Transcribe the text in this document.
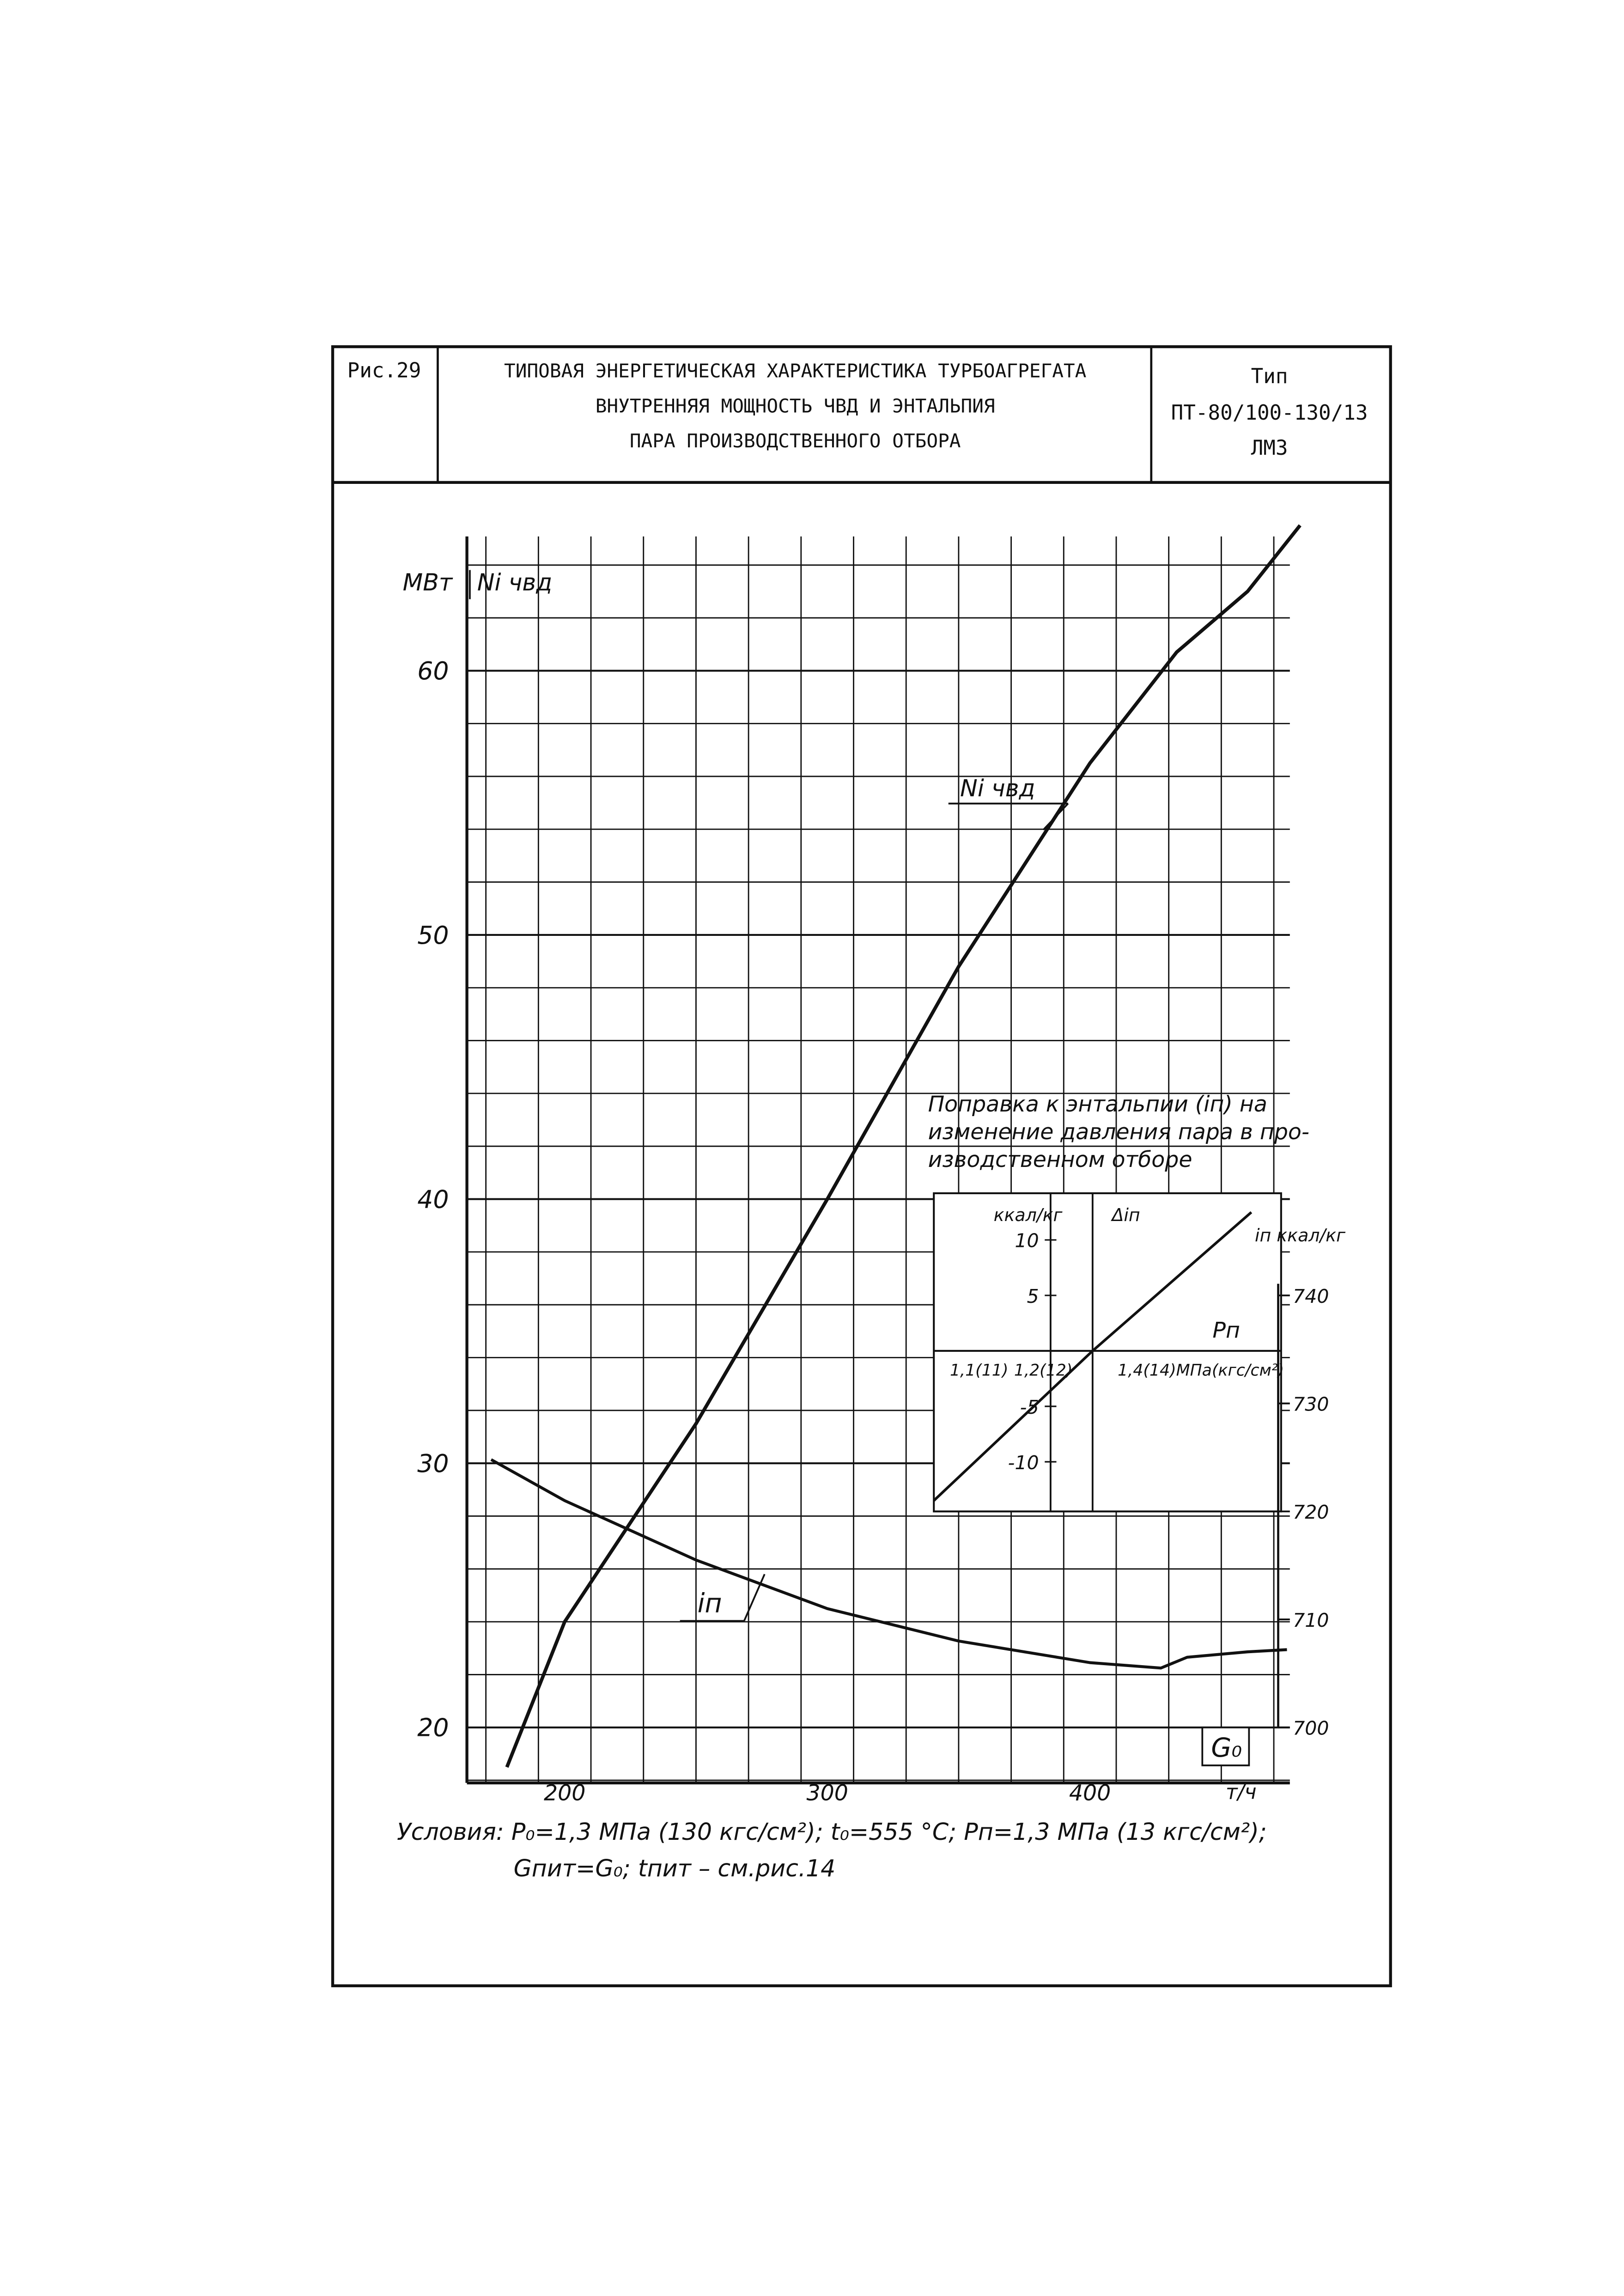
Рис.29	ТИПОВАЯ ЭНЕРГЕТИЧЕСКАЯ ХАРАКТЕРИСТИКА ТУРБОАГРЕГАТА
ВНУТРЕННЯЯ МОЩНОСТЬ ЧВД И ЭНТАЛЬПИЯ
ПАРА ПРОИЗВОДСТВЕННОГО ОТБОРА
Тип
ПТ-80/100-130/13
ЛМЗ
20
30
40
50
60
200	300	400
МВт	Ni чвд
т/ч
G₀
10
5
-5
-10
ккал/кг	Δiп
Pп
1,1(11) 1,2(12)	1,4(14)МПа(кгс/см²)
Поправка к энтальпии (iп) на
изменение давления пара в про-
изводственном отборе
700
710
720
730
740
iп ккал/кг
Ni чвд
iп
Условия: P₀=1,3 МПа (130 кгс/см²); t₀=555 °С; Pп=1,3 МПа (13 кгс/см²);
Gпит=G₀; tпит – см.рис.14
